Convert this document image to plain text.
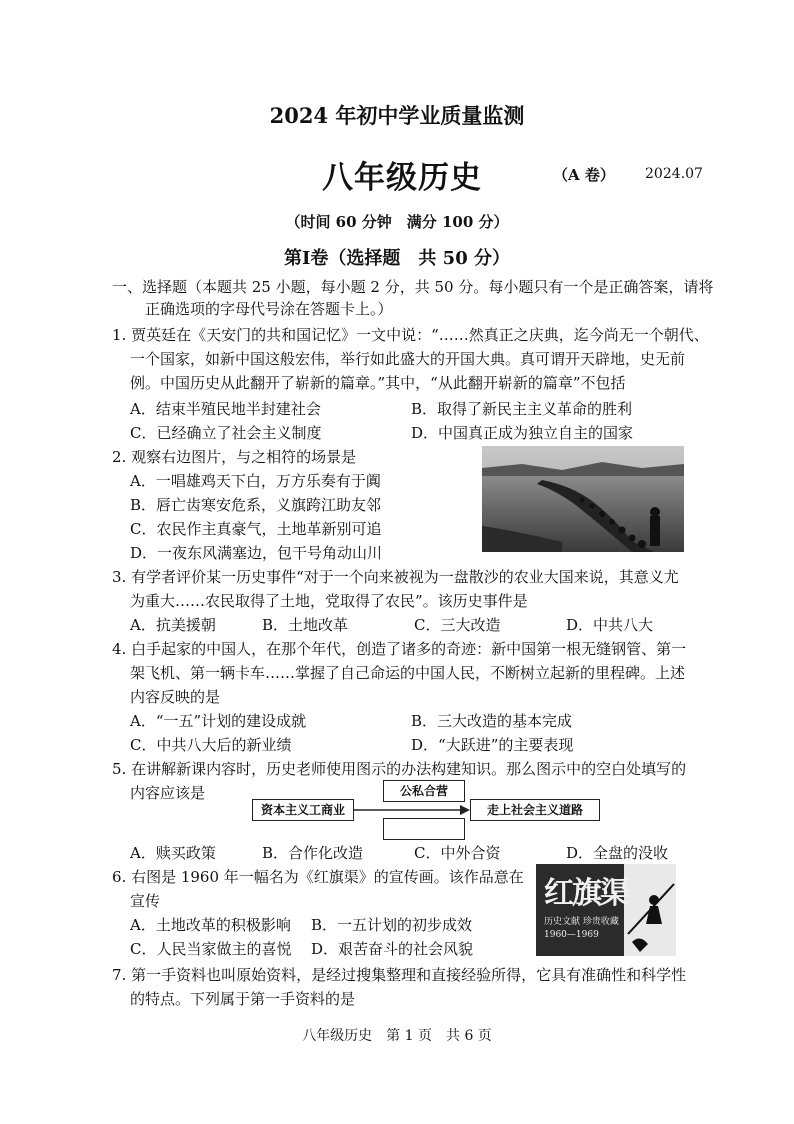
2024 年初中学业质量监测
八年级历史	（A 卷） 2024.07
（时间 60 分钟　满分 100 分）
第Ⅰ卷（选择题　共 50 分）
一、选择题（本题共 25 小题，每小题 2 分，共 50 分。每小题只有一个是正确答案，请将
正确选项的字母代号涂在答题卡上。）
1. 贾英廷在《天安门的共和国记忆》一文中说：“……然真正之庆典，迄今尚无一个朝代、
一个国家，如新中国这般宏伟，举行如此盛大的开国大典。真可谓开天辟地，史无前
例。中国历史从此翻开了崭新的篇章。”其中，“从此翻开崭新的篇章”不包括
A．结束半殖民地半封建社会	B．取得了新民主主义革命的胜利
C．已经确立了社会主义制度	D．中国真正成为独立自主的国家
2. 观察右边图片，与之相符的场景是
A．一唱雄鸡天下白，万方乐奏有于阗
B．唇亡齿寒安危系，义旗跨江助友邻
C．农民作主真豪气，土地革新别可追
D．一夜东风满塞边，包干号角动山川
3. 有学者评价某一历史事件“对于一个向来被视为一盘散沙的农业大国来说，其意义尤
为重大……农民取得了土地，党取得了农民”。该历史事件是
A．抗美援朝	B．土地改革	C．三大改造	D．中共八大
4. 白手起家的中国人，在那个年代，创造了诸多的奇迹：新中国第一根无缝钢管、第一
架飞机、第一辆卡车……掌握了自己命运的中国人民，不断树立起新的里程碑。上述
内容反映的是
A．“一五”计划的建设成就	B．三大改造的基本完成
C．中共八大后的新业绩	D．“大跃进”的主要表现
5. 在讲解新课内容时，历史老师使用图示的办法构建知识。那么图示中的空白处填写的
内容应该是	公私合营
资本主义工商业	走上社会主义道路
A．赎买政策	B．合作化改造	C．中外合资	D．全盘的没收
6. 右图是 1960 年一幅名为《红旗渠》的宣传画。该作品意在
宣传
A．土地改革的积极影响 B．一五计划的初步成效
C．人民当家做主的喜悦 D．艰苦奋斗的社会风貌
红旗渠
历史文献 珍贵收藏
1960—1969
7. 第一手资料也叫原始资料，是经过搜集整理和直接经验所得，它具有准确性和科学性
的特点。下列属于第一手资料的是
八年级历史　第 1 页　共 6 页
